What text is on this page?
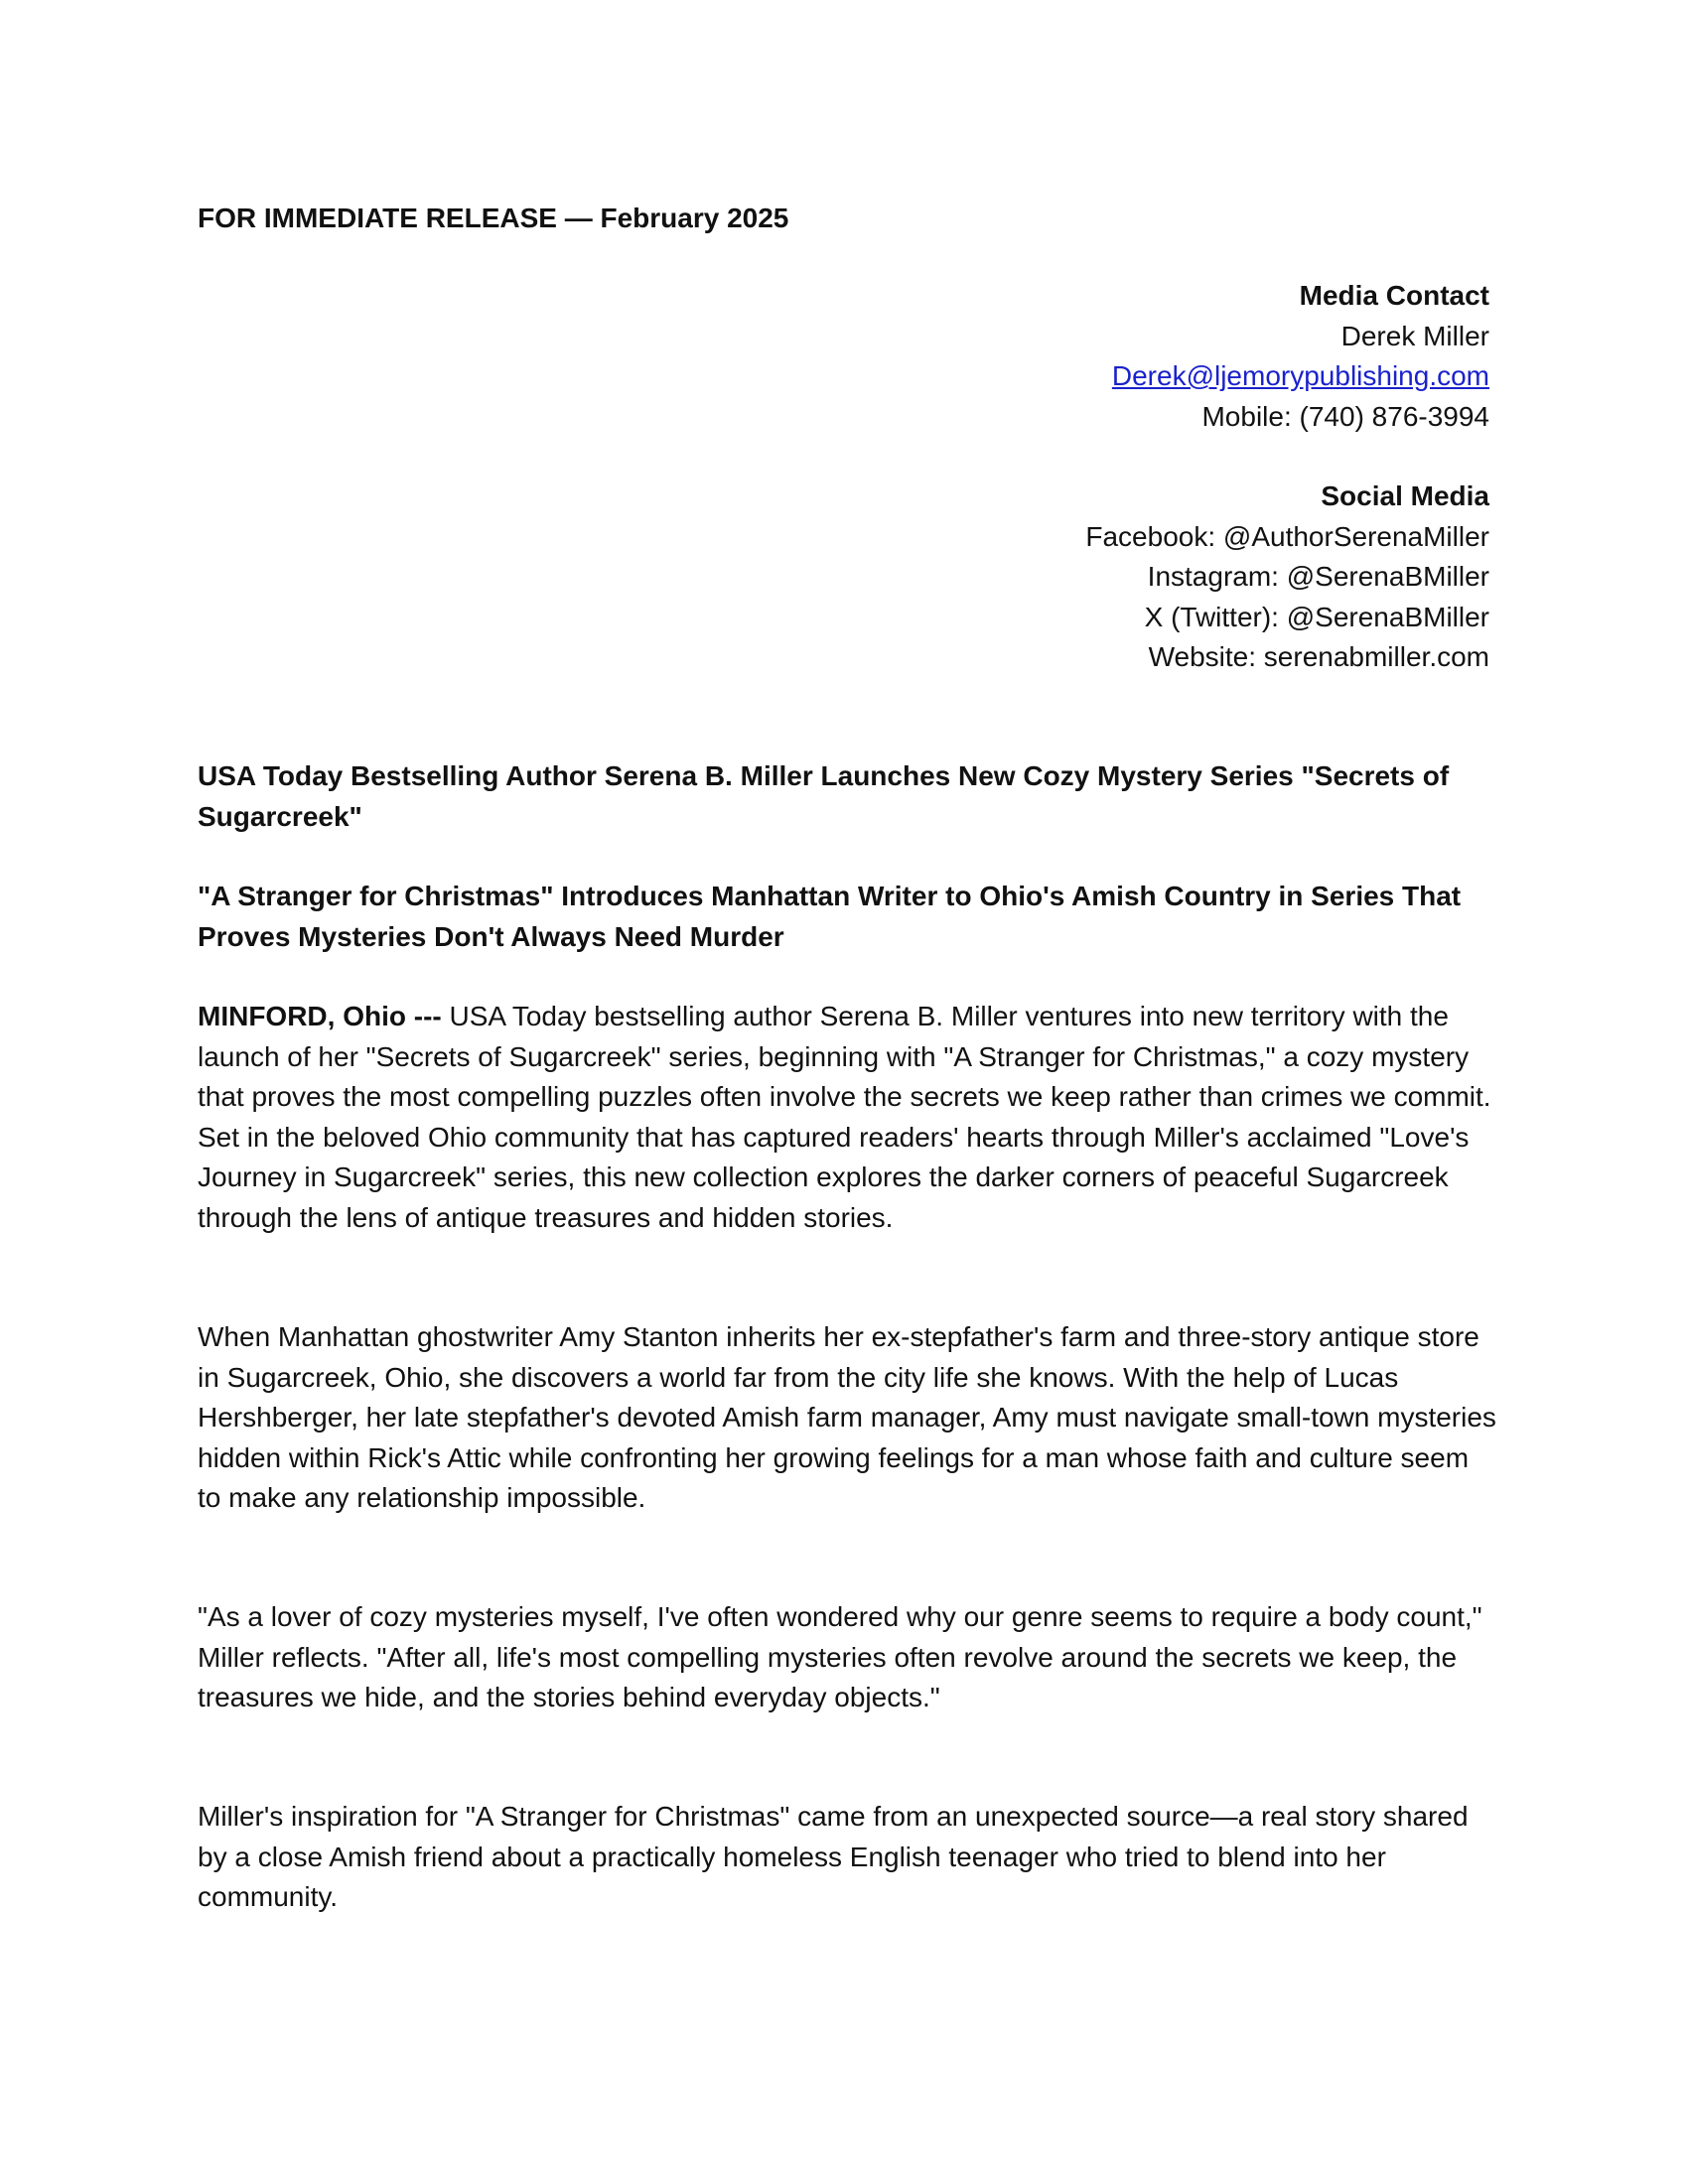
FOR IMMEDIATE RELEASE — February 2025

Media Contact
Derek Miller
Derek@ljemorypublishing.com
Mobile: (740) 876-3994
Social Media
Facebook: @AuthorSerenaMiller
Instagram: @SerenaBMiller
X (Twitter): @SerenaBMiller
Website: serenabmiller.com

USA Today Bestselling Author Serena B. Miller Launches New Cozy Mystery Series "Secrets of Sugarcreek"

"A Stranger for Christmas" Introduces Manhattan Writer to Ohio's Amish Country in Series That Proves Mysteries Don't Always Need Murder

MINFORD, Ohio --- USA Today bestselling author Serena B. Miller ventures into new territory with the launch of her "Secrets of Sugarcreek" series, beginning with "A Stranger for Christmas," a cozy mystery that proves the most compelling puzzles often involve the secrets we keep rather than crimes we commit. Set in the beloved Ohio community that has captured readers' hearts through Miller's acclaimed "Love's Journey in Sugarcreek" series, this new collection explores the darker corners of peaceful Sugarcreek through the lens of antique treasures and hidden stories.

When Manhattan ghostwriter Amy Stanton inherits her ex-stepfather's farm and three-story antique store in Sugarcreek, Ohio, she discovers a world far from the city life she knows. With the help of Lucas Hershberger, her late stepfather's devoted Amish farm manager, Amy must navigate small-town mysteries hidden within Rick's Attic while confronting her growing feelings for a man whose faith and culture seem to make any relationship impossible.

"As a lover of cozy mysteries myself, I've often wondered why our genre seems to require a body count," Miller reflects. "After all, life's most compelling mysteries often revolve around the secrets we keep, the treasures we hide, and the stories behind everyday objects."

Miller's inspiration for "A Stranger for Christmas" came from an unexpected source—a real story shared by a close Amish friend about a practically homeless English teenager who tried to blend into her community.
